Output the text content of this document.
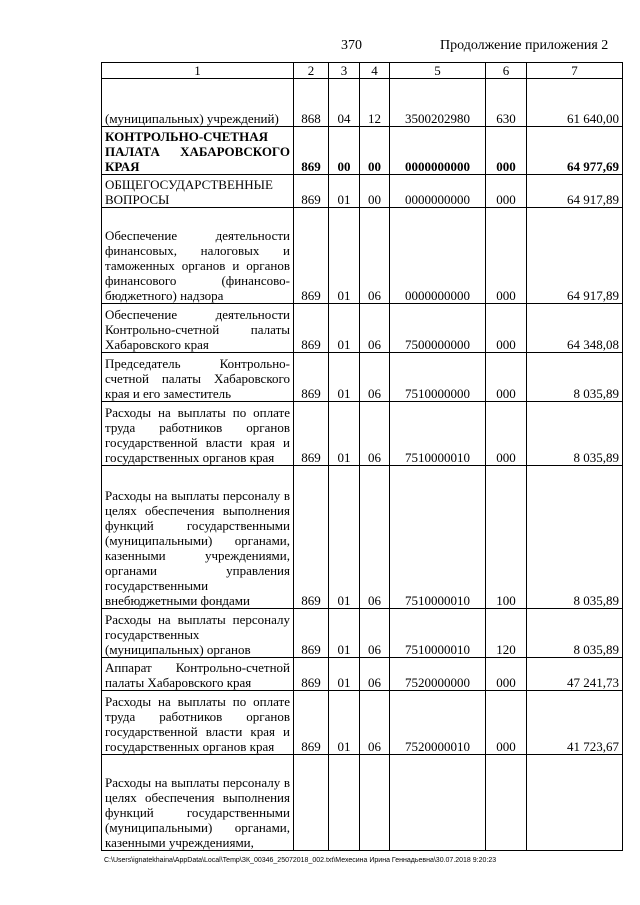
370	Продолжение приложения 2
1	2	3	4	5	6	7
(муниципальных) учреждений)	868	04	12	3500202980	630	61 640,00
КОНТРОЛЬНО-СЧЕТНАЯ ПАЛАТА ХАБАРОВСКОГО КРАЯ	869	00	00	0000000000	000	64 977,69
ОБЩЕГОСУДАРСТВЕННЫЕ ВОПРОСЫ	869	01	00	0000000000	000	64 917,89
Обеспечение деятельности финансовых, налоговых и таможенных органов и органов финансового (финансово-бюджетного) надзора	869	01	06	0000000000	000	64 917,89
Обеспечение деятельности Контрольно-счетной палаты Хабаровского края	869	01	06	7500000000	000	64 348,08
Председатель Контрольно-счетной палаты Хабаровского края и его заместитель	869	01	06	7510000000	000	8 035,89
Расходы на выплаты по оплате труда работников органов государственной власти края и государственных органов края	869	01	06	7510000010	000	8 035,89
Расходы на выплаты персоналу в целях обеспечения выполнения функций государственными (муниципальными) органами, казенными учреждениями, органами управления государственными внебюджетными фондами	869	01	06	7510000010	100	8 035,89
Расходы на выплаты персоналу государственных (муниципальных) органов	869	01	06	7510000010	120	8 035,89
Аппарат Контрольно-счетной палаты Хабаровского края	869	01	06	7520000000	000	47 241,73
Расходы на выплаты по оплате труда работников органов государственной власти края и государственных органов края	869	01	06	7520000010	000	41 723,67
Расходы на выплаты персоналу в целях обеспечения выполнения функций государственными (муниципальными) органами, казенными учреждениями,						
C:\Users\ignatekhaina\AppData\Local\Temp\ЗК_00346_25072018_002.txt\Мехесина Ирина Геннадьевна\30.07.2018 9:20:23
